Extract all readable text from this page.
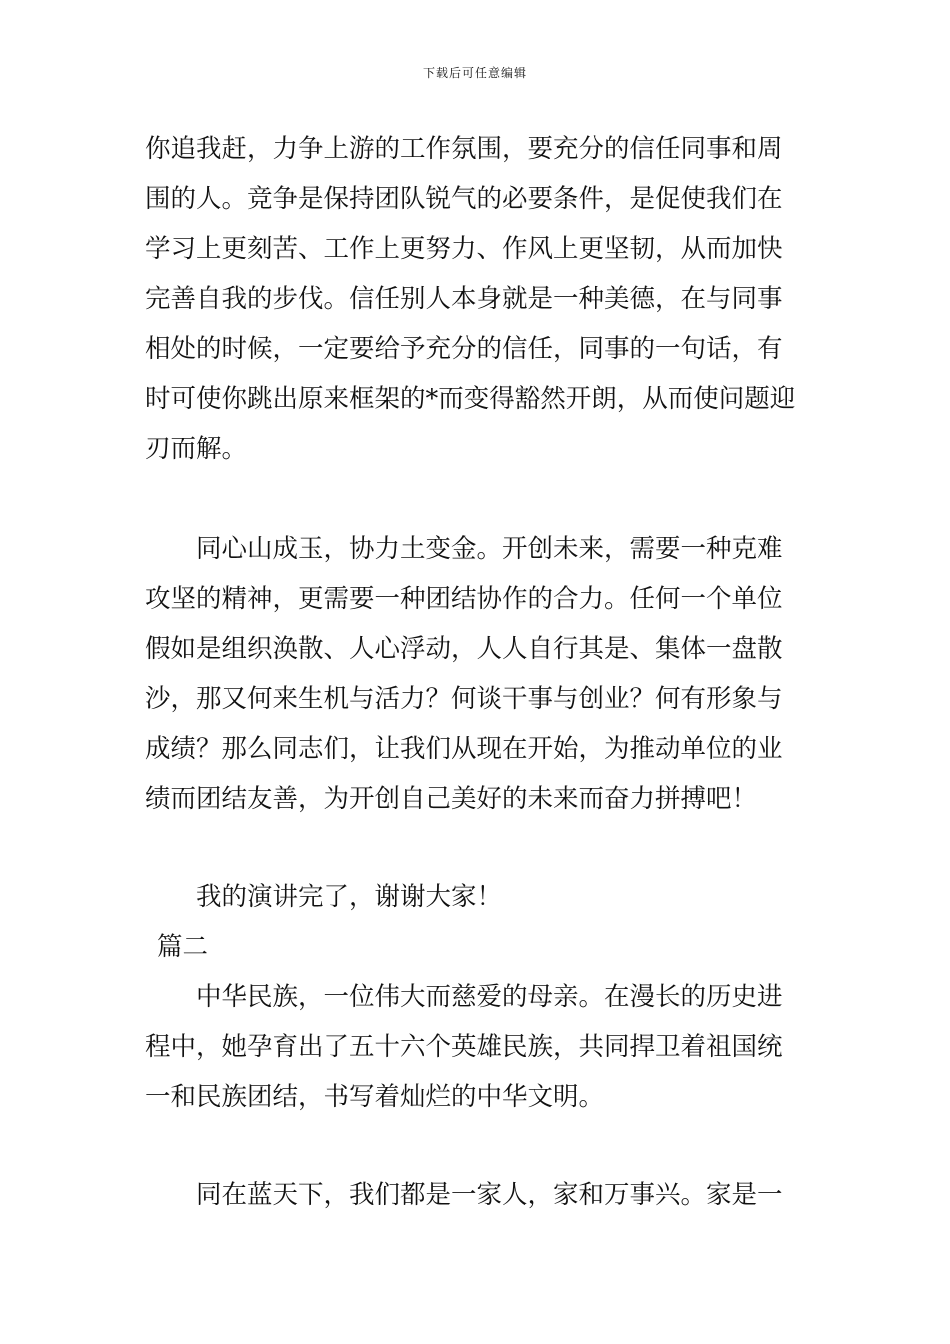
下载后可任意编辑
你追我赶，力争上游的工作氛围，要充分的信任同事和周
围的人。竞争是保持团队锐气的必要条件，是促使我们在
学习上更刻苦、工作上更努力、作风上更坚韧，从而加快
完善自我的步伐。信任别人本身就是一种美德，在与同事
相处的时候，一定要给予充分的信任，同事的一句话，有
时可使你跳出原来框架的*而变得豁然开朗，从而使问题迎
刃而解。
同心山成玉，协力土变金。开创未来，需要一种克难
攻坚的精神，更需要一种团结协作的合力。任何一个单位
假如是组织涣散、人心浮动，人人自行其是、集体一盘散
沙，那又何来生机与活力？何谈干事与创业？何有形象与
成绩？那么同志们，让我们从现在开始，为推动单位的业
绩而团结友善，为开创自己美好的未来而奋力拼搏吧！
我的演讲完了，谢谢大家！
篇二
中华民族，一位伟大而慈爱的母亲。在漫长的历史进
程中，她孕育出了五十六个英雄民族，共同捍卫着祖国统
一和民族团结，书写着灿烂的中华文明。
同在蓝天下，我们都是一家人，家和万事兴。家是一
